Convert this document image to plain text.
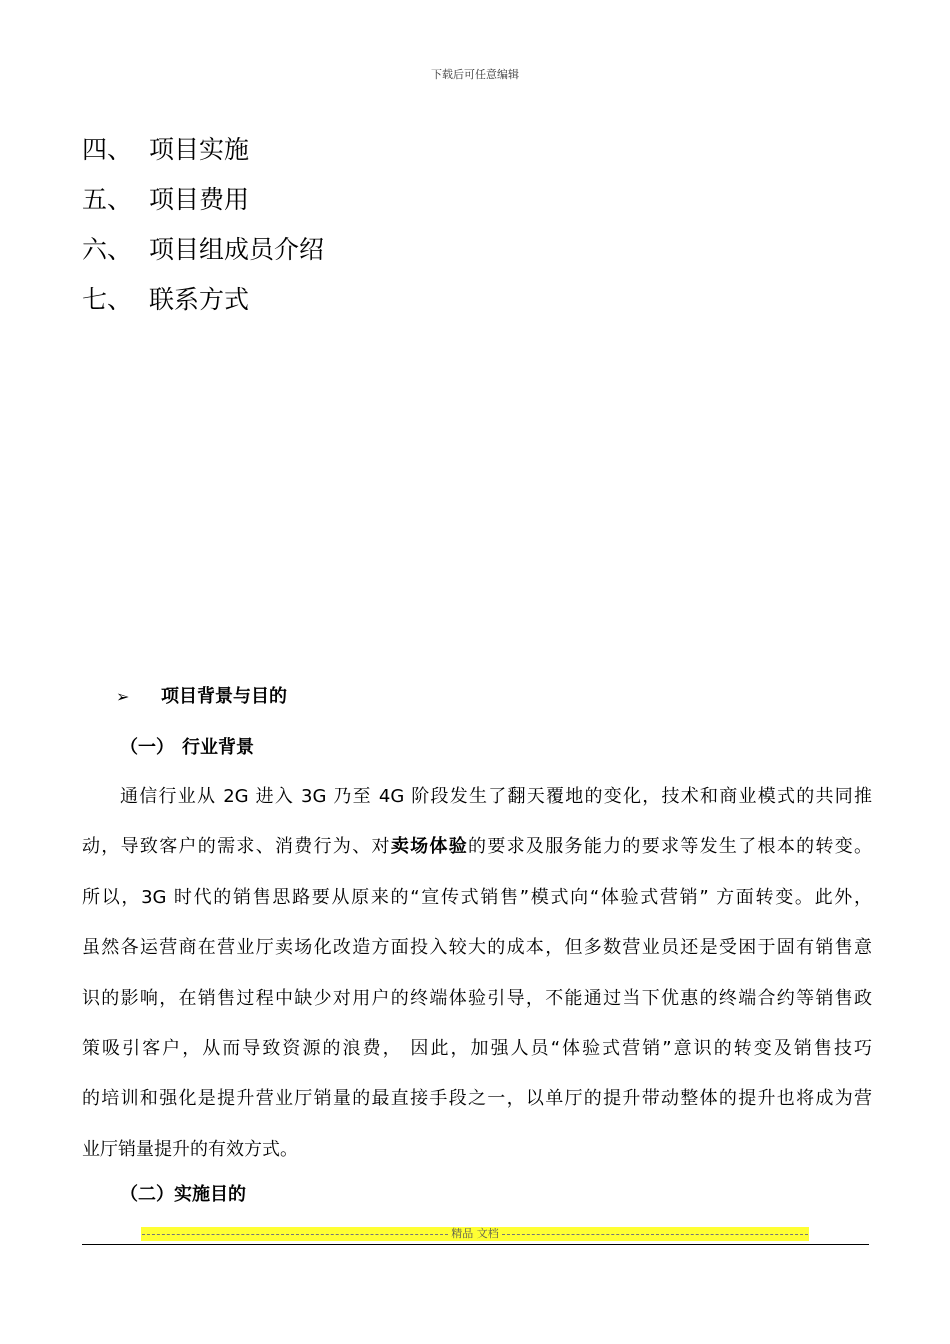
下载后可任意编辑
四、 项目实施
五、 项目费用
六、 项目组成员介绍
七、 联系方式
➢ 项目背景与目的
（一） 行业背景
通信行业从 2G 进入 3G 乃至 4G 阶段发生了翻天覆地的变化，技术和商业模式的共同推
动，导致客户的需求、消费行为、对卖场体验的要求及服务能力的要求等发生了根本的转变。
所以，3G 时代的销售思路要从原来的“宣传式销售”模式向“体验式营销” 方面转变。此外，
虽然各运营商在营业厅卖场化改造方面投入较大的成本，但多数营业员还是受困于固有销售意
识的影响，在销售过程中缺少对用户的终端体验引导，不能通过当下优惠的终端合约等销售政
策吸引客户，从而导致资源的浪费， 因此，加强人员“体验式营销”意识的转变及销售技巧
的培训和强化是提升营业厅销量的最直接手段之一，以单厅的提升带动整体的提升也将成为营
业厅销量提升的有效方式。
（二）实施目的
精品 文档
